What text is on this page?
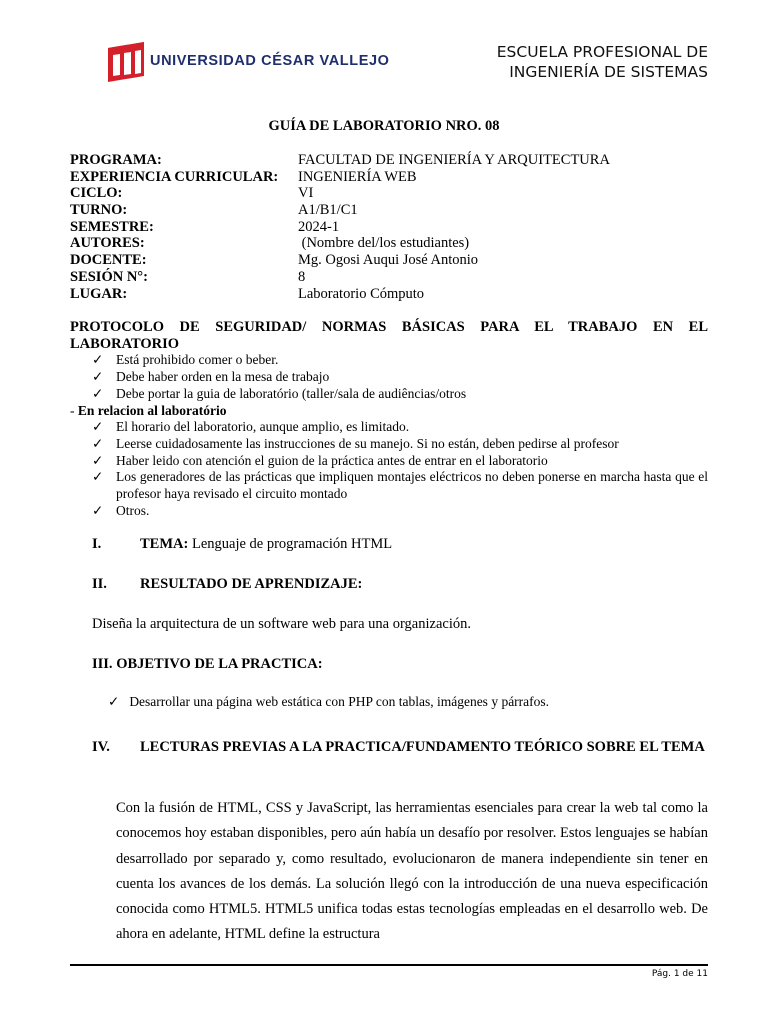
UNIVERSIDAD CÉSAR VALLEJO	ESCUELA PROFESIONAL DE
INGENIERÍA DE SISTEMAS
GUÍA DE LABORATORIO NRO. 08
PROGRAMA:	FACULTAD DE INGENIERÍA Y ARQUITECTURA
EXPERIENCIA CURRICULAR:	INGENIERÍA WEB
CICLO:	VI
TURNO:	A1/B1/C1
SEMESTRE:	2024-1
AUTORES:	(Nombre del/los estudiantes)
DOCENTE:	Mg. Ogosi Auqui José Antonio
SESIÓN N°:	8
LUGAR:	Laboratorio Cómputo
PROTOCOLO DE SEGURIDAD/ NORMAS BÁSICAS PARA EL TRABAJO EN EL
LABORATORIO
✓ Está prohibido comer o beber.
✓ Debe haber orden en la mesa de trabajo
✓ Debe portar la guia de laboratório (taller/sala de audiências/otros
- En relacion al laboratório
✓ El horario del laboratorio, aunque amplio, es limitado.
✓ Leerse cuidadosamente las instrucciones de su manejo. Si no están, deben pedirse al profesor
✓ Haber leido con atención el guion de la práctica antes de entrar en el laboratorio
✓ Los generadores de las prácticas que impliquen montajes eléctricos no deben ponerse en marcha hasta que el profesor haya revisado el circuito montado
✓ Otros.
I.	TEMA: Lenguaje de programación HTML
II. RESULTADO DE APRENDIZAJE:
Diseña la arquitectura de un software web para una organización.
III. OBJETIVO DE LA PRACTICA:
✓ Desarrollar una página web estática con PHP con tablas, imágenes y párrafos.
IV. LECTURAS PREVIAS A LA PRACTICA/FUNDAMENTO TEÓRICO SOBRE EL TEMA
Con la fusión de HTML, CSS y JavaScript, las herramientas esenciales para crear la web tal como la conocemos hoy estaban disponibles, pero aún había un desafío por resolver. Estos lenguajes se habían desarrollado por separado y, como resultado, evolucionaron de manera independiente sin tener en cuenta los avances de los demás. La solución llegó con la introducción de una nueva especificación conocida como HTML5. HTML5 unifica todas estas tecnologías empleadas en el desarrollo web. De ahora en adelante, HTML define la estructura
Pág. 1 de 11
